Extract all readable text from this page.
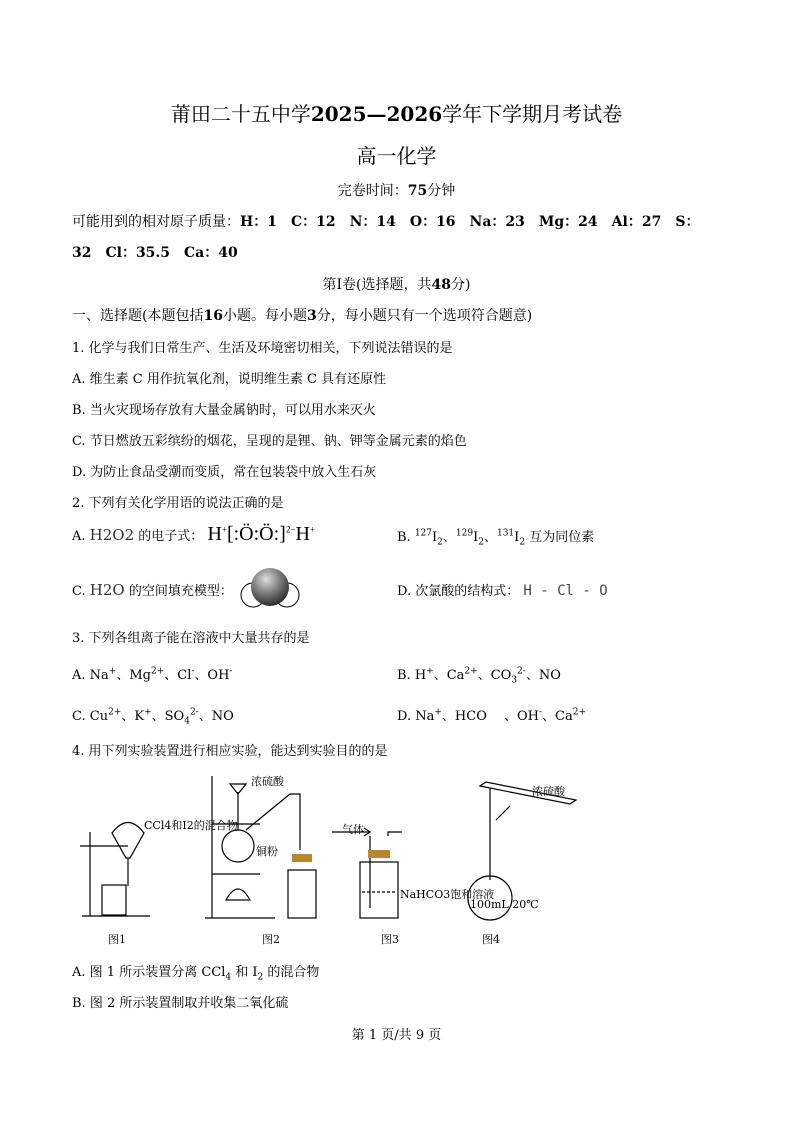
莆田二十五中学2025—2026学年下学期月考试卷
高一化学
完卷时间：75分钟
可能用到的相对原子质量：H：1　C：12　N：14　O：16　Na：23　Mg：24　Al：27　S：
32　Cl：35.5　Ca：40
第Ⅰ卷(选择题，共48分)
一、选择题(本题包括16小题。每小题3分，每小题只有一个选项符合题意)
1. 化学与我们日常生产、生活及环境密切相关，下列说法错误的是
A. 维生素 C 用作抗氧化剂，说明维生素 C 具有还原性
B. 当火灾现场存放有大量金属钠时，可以用水来灭火
C. 节日燃放五彩缤纷的烟花，呈现的是锂、钠、钾等金属元素的焰色
D. 为防止食品受潮而变质，常在包装袋中放入生石灰
2. 下列有关化学用语的说法正确的是
A. H2O2 的电子式： H+[:Ö:Ö:]$^{2-}$H+
B. $^{127}I_2$、$^{129}I_2$、$^{131}I_2$ 互为同位素
C. H2O 的空间填充模型：	D. 次氯酸的结构式： H - Cl - O
3. 下列各组离子能在溶液中大量共存的是
A. Na+、$Mg^{2+}$、Cl-、OH-	B. H+、$Ca^{2+}$、$CO_3^{2-}$、NO
C. $Cu^{2+}$、K+、$SO_4^{2-}$、NO	D. Na+、HCO 　、OH-、$Ca^{2+}$
4. 用下列实验装置进行相应实验，能达到实验目的的是
CCl4和I2的混合物
浓硫酸
铜粉
气体
NaHCO3饱和溶液
浓硫酸
100mL 20℃
图1	图2	图3	图4
A. 图 1 所示装置分离 CCl$_4$ 和 $I_2$ 的混合物
B. 图 2 所示装置制取并收集二氧化硫
第 1 页/共 9 页
